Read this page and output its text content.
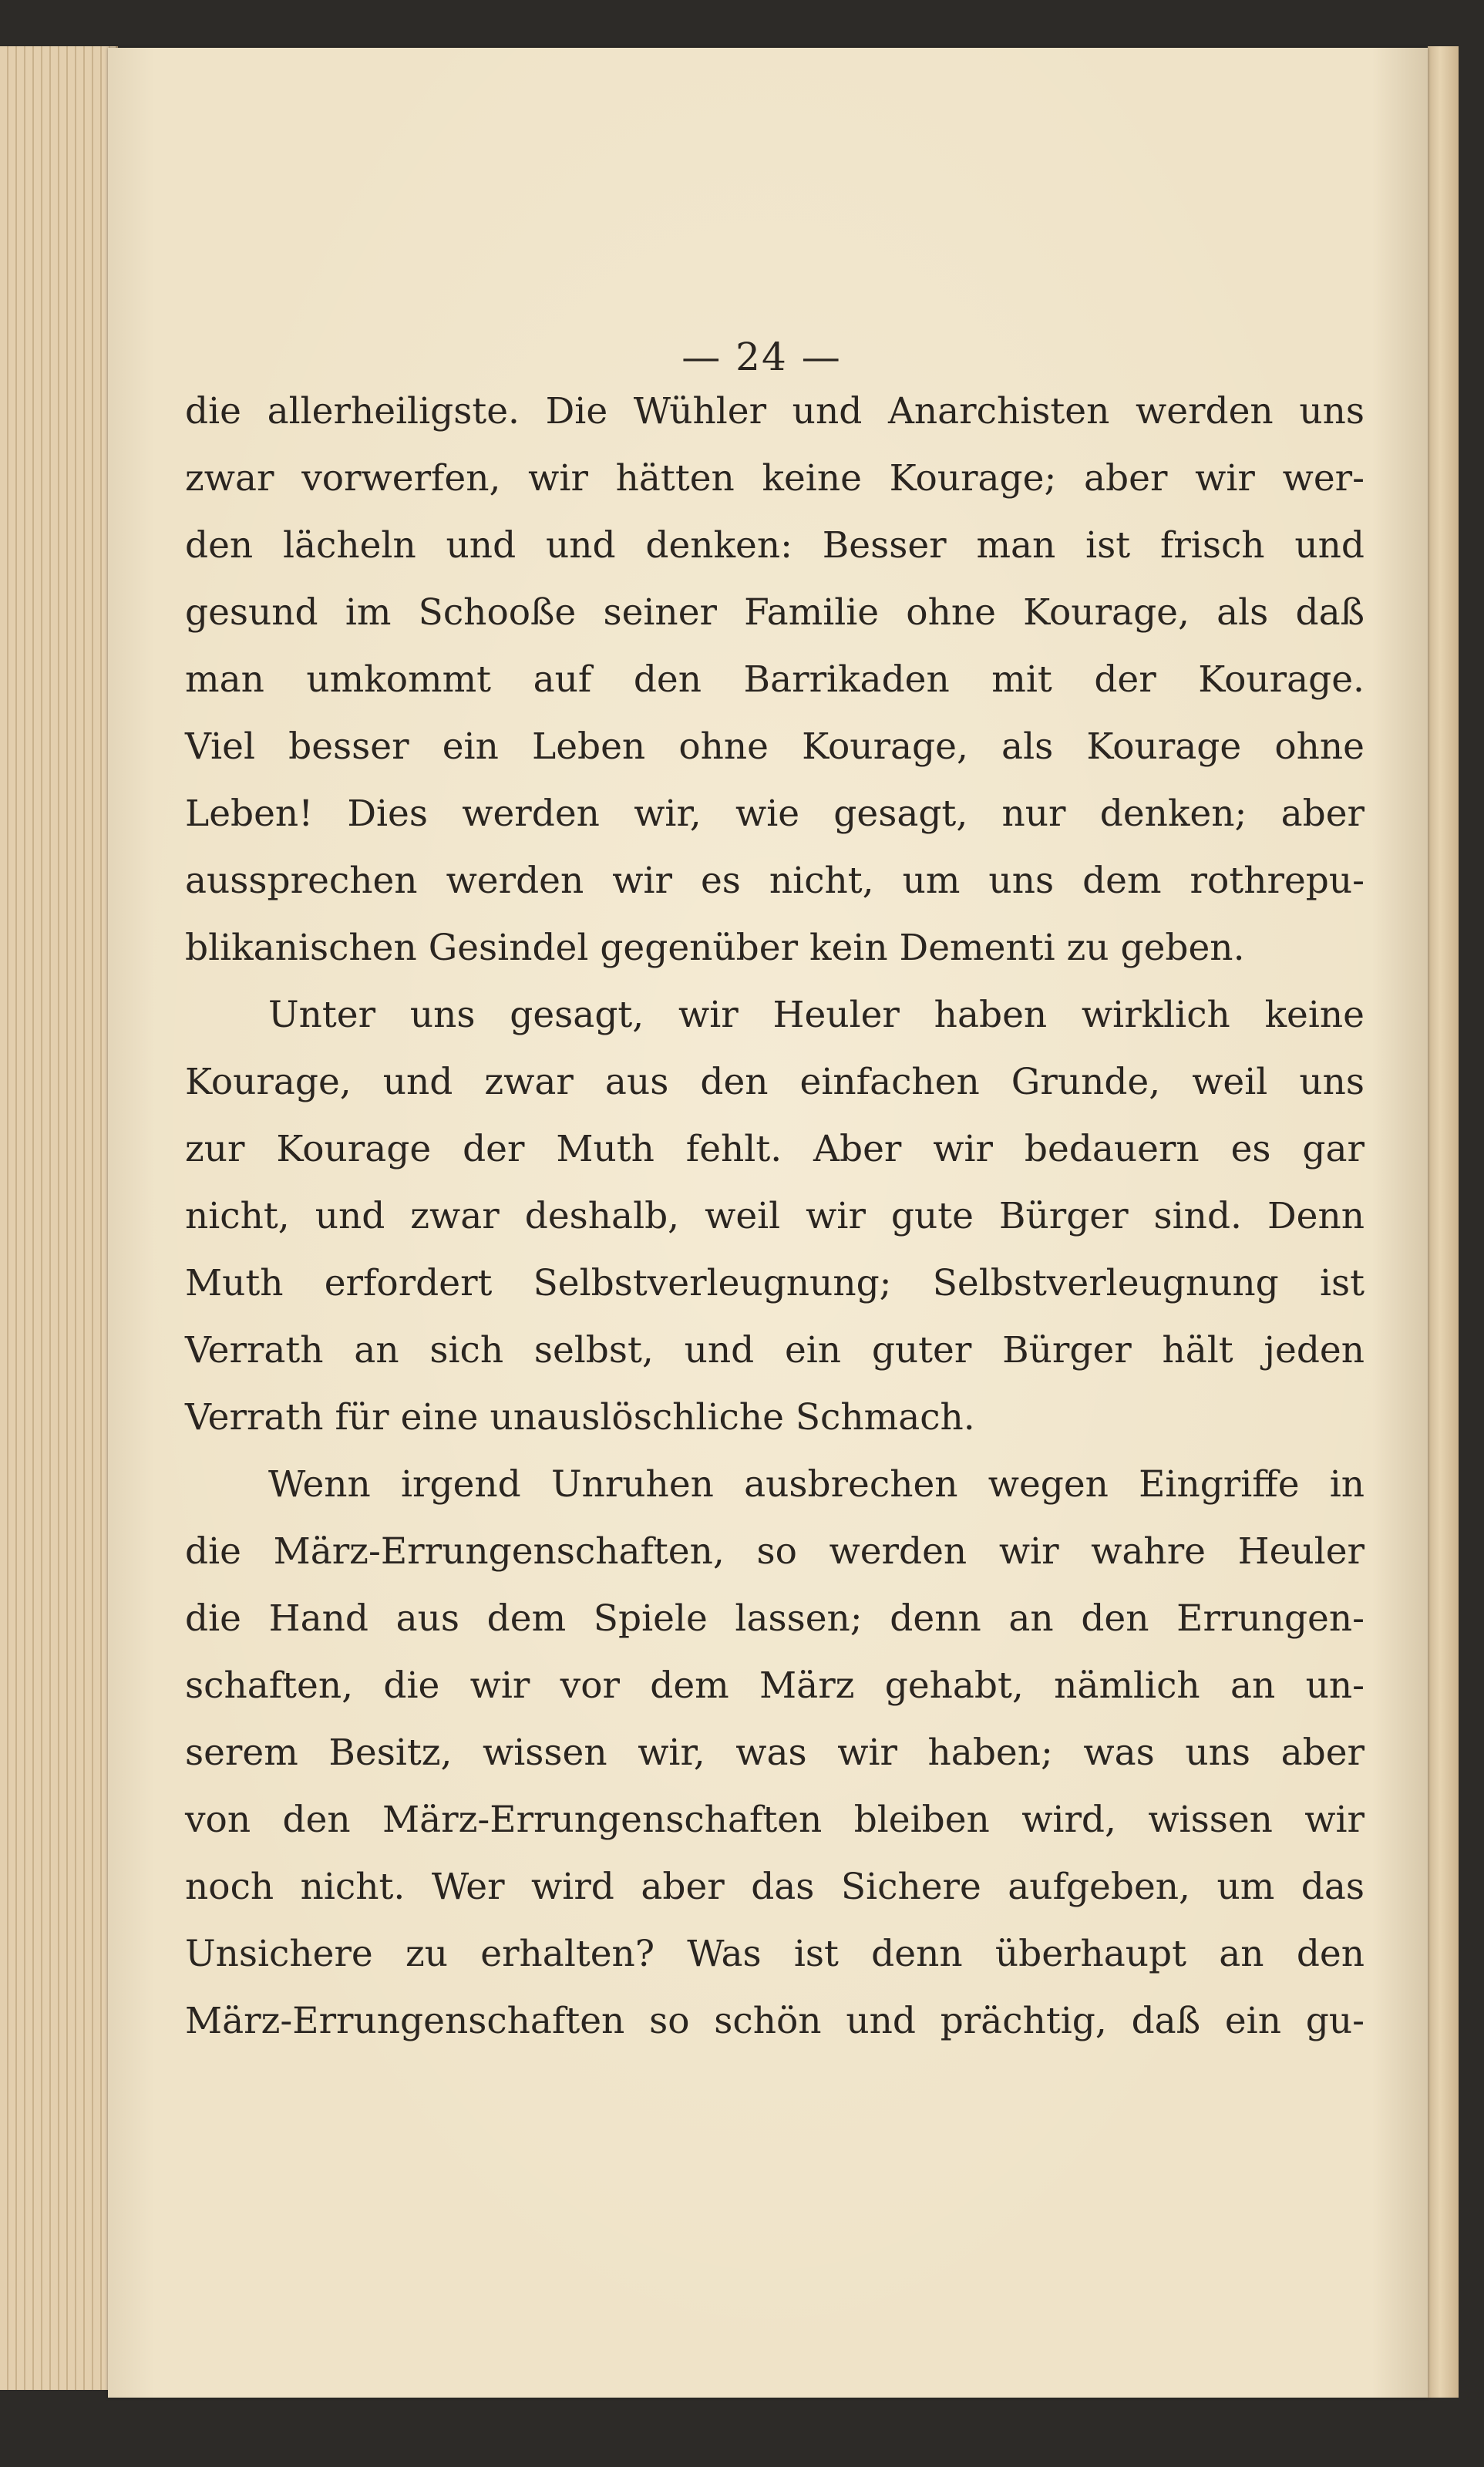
— 24 —
die allerheiligste. Die Wühler und Anarchisten werden uns
zwar vorwerfen, wir hätten keine Kourage; aber wir wer-
den lächeln und und denken: Besser man ist frisch und
gesund im Schooße seiner Familie ohne Kourage, als daß
man umkommt auf den Barrikaden mit der Kourage.
Viel besser ein Leben ohne Kourage, als Kourage ohne
Leben! Dies werden wir, wie gesagt, nur denken; aber
aussprechen werden wir es nicht, um uns dem rothrepu-
blikanischen Gesindel gegenüber kein Dementi zu geben.
Unter uns gesagt, wir Heuler haben wirklich keine
Kourage, und zwar aus den einfachen Grunde, weil uns
zur Kourage der Muth fehlt. Aber wir bedauern es gar
nicht, und zwar deshalb, weil wir gute Bürger sind. Denn
Muth erfordert Selbstverleugnung; Selbstverleugnung ist
Verrath an sich selbst, und ein guter Bürger hält jeden
Verrath für eine unauslöschliche Schmach.
Wenn irgend Unruhen ausbrechen wegen Eingriffe in
die März-Errungenschaften, so werden wir wahre Heuler
die Hand aus dem Spiele lassen; denn an den Errungen-
schaften, die wir vor dem März gehabt, nämlich an un-
serem Besitz, wissen wir, was wir haben; was uns aber
von den März-Errungenschaften bleiben wird, wissen wir
noch nicht. Wer wird aber das Sichere aufgeben, um das
Unsichere zu erhalten? Was ist denn überhaupt an den
März-Errungenschaften so schön und prächtig, daß ein gu-
